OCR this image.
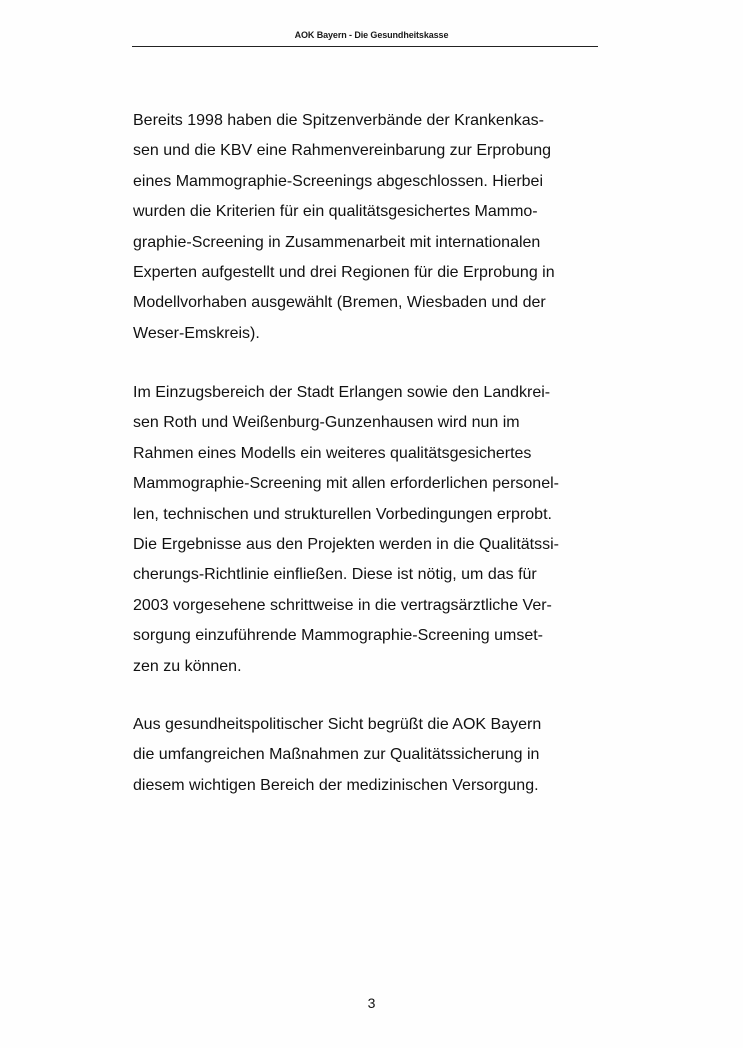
AOK Bayern - Die Gesundheitskasse

Bereits 1998 haben die Spitzenverbände der Krankenkas-
sen und die KBV eine Rahmenvereinbarung zur Erprobung
eines Mammographie-Screenings abgeschlossen. Hierbei
wurden die Kriterien für ein qualitätsgesichertes Mammo-
graphie-Screening in Zusammenarbeit mit internationalen
Experten aufgestellt und drei Regionen für die Erprobung in
Modellvorhaben ausgewählt (Bremen, Wiesbaden und der
Weser-Emskreis).

Im Einzugsbereich der Stadt Erlangen sowie den Landkrei-
sen Roth und Weißenburg-Gunzenhausen wird nun im
Rahmen eines Modells ein weiteres qualitätsgesichertes
Mammographie-Screening mit allen erforderlichen personel-
len, technischen und strukturellen Vorbedingungen erprobt.
Die Ergebnisse aus den Projekten werden in die Qualitätssi-
cherungs-Richtlinie einfließen. Diese ist nötig, um das für
2003 vorgesehene schrittweise in die vertragsärztliche Ver-
sorgung einzuführende Mammographie-Screening umset-
zen zu können.

Aus gesundheitspolitischer Sicht begrüßt die AOK Bayern
die umfangreichen Maßnahmen zur Qualitätssicherung in
diesem wichtigen Bereich der medizinischen Versorgung.

3
